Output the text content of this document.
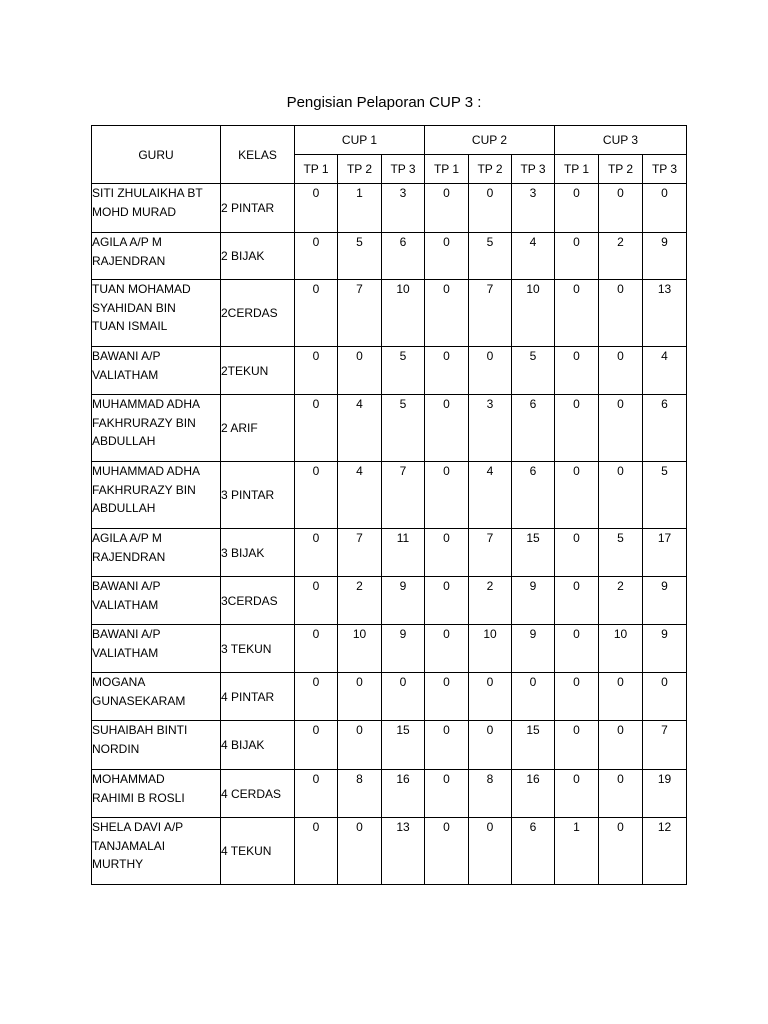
Pengisian Pelaporan CUP 3 :
GURU	KELAS	CUP 1			CUP 2			CUP 3		
		TP 1	TP 2	TP 3	TP 1	TP 2	TP 3	TP 1	TP 2	TP 3

SITI ZHULAIKHA BT
MOHD MURAD	2 PINTAR	0	1	3	0	0	3	0	0	0

AGILA A/P M
RAJENDRAN	2 BIJAK	0	5	6	0	5	4	0	2	9

TUAN MOHAMAD
SYAHIDAN BIN
TUAN ISMAIL	2CERDAS	0	7	10	0	7	10	0	0	13

BAWANI A/P
VALIATHAM	2TEKUN	0	0	5	0	0	5	0	0	4

MUHAMMAD ADHA
FAKHRURAZY BIN
ABDULLAH	2 ARIF	0	4	5	0	3	6	0	0	6

MUHAMMAD ADHA
FAKHRURAZY BIN
ABDULLAH	3 PINTAR	0	4	7	0	4	6	0	0	5

AGILA A/P M
RAJENDRAN	3 BIJAK	0	7	11	0	7	15	0	5	17

BAWANI A/P
VALIATHAM	3CERDAS	0	2	9	0	2	9	0	2	9

BAWANI A/P
VALIATHAM	3 TEKUN	0	10	9	0	10	9	0	10	9

MOGANA
GUNASEKARAM	4 PINTAR	0	0	0	0	0	0	0	0	0

SUHAIBAH BINTI
NORDIN	4 BIJAK	0	0	15	0	0	15	0	0	7

MOHAMMAD
RAHIMI B ROSLI	4 CERDAS	0	8	16	0	8	16	0	0	19

SHELA DAVI A/P
TANJAMALAI
MURTHY	4 TEKUN	0	0	13	0	0	6	1	0	12
